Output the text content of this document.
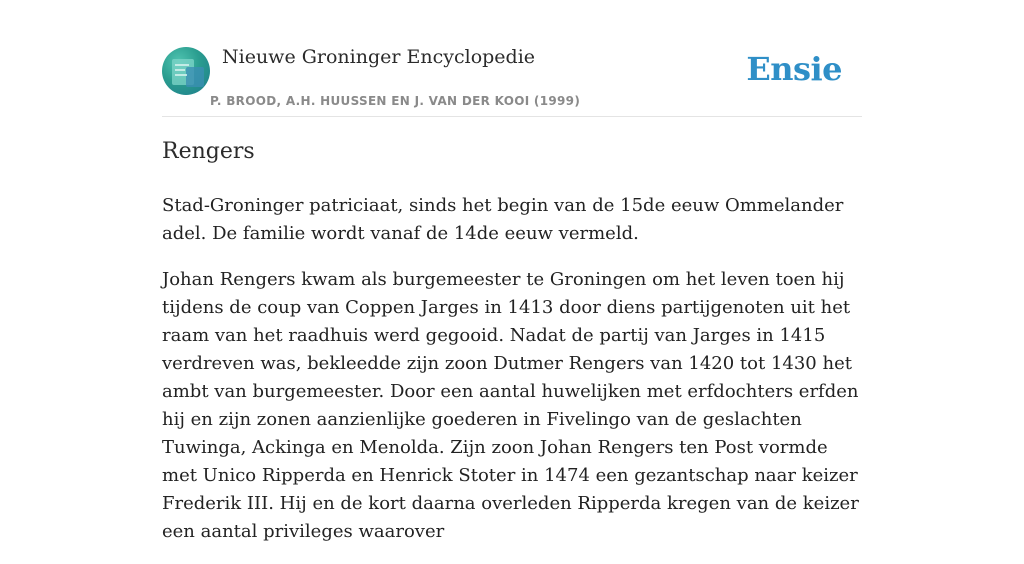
Nieuwe Groninger Encyclopedie
P. BROOD, A.H. HUUSSEN EN J. VAN DER KOOI (1999)
Ensie
Rengers

Stad-Groninger patriciaat, sinds het begin van de 15de eeuw Ommelander adel. De familie wordt vanaf de 14de eeuw vermeld.

Johan Rengers kwam als burgemeester te Groningen om het leven toen hij tijdens de coup van Coppen Jarges in 1413 door diens partijgenoten uit het raam van het raadhuis werd gegooid. Nadat de partij van Jarges in 1415 verdreven was, bekleedde zijn zoon Dutmer Rengers van 1420 tot 1430 het ambt van burgemeester. Door een aantal huwelijken met erfdochters erfden hij en zijn zonen aanzienlijke goederen in Fivelingo van de geslachten Tuwinga, Ackinga en Menolda. Zijn zoon Johan Rengers ten Post vormde met Unico Ripperda en Henrick Stoter in 1474 een gezantschap naar keizer Frederik III. Hij en de kort daarna overleden Ripperda kregen van de keizer een aantal privileges waarover
